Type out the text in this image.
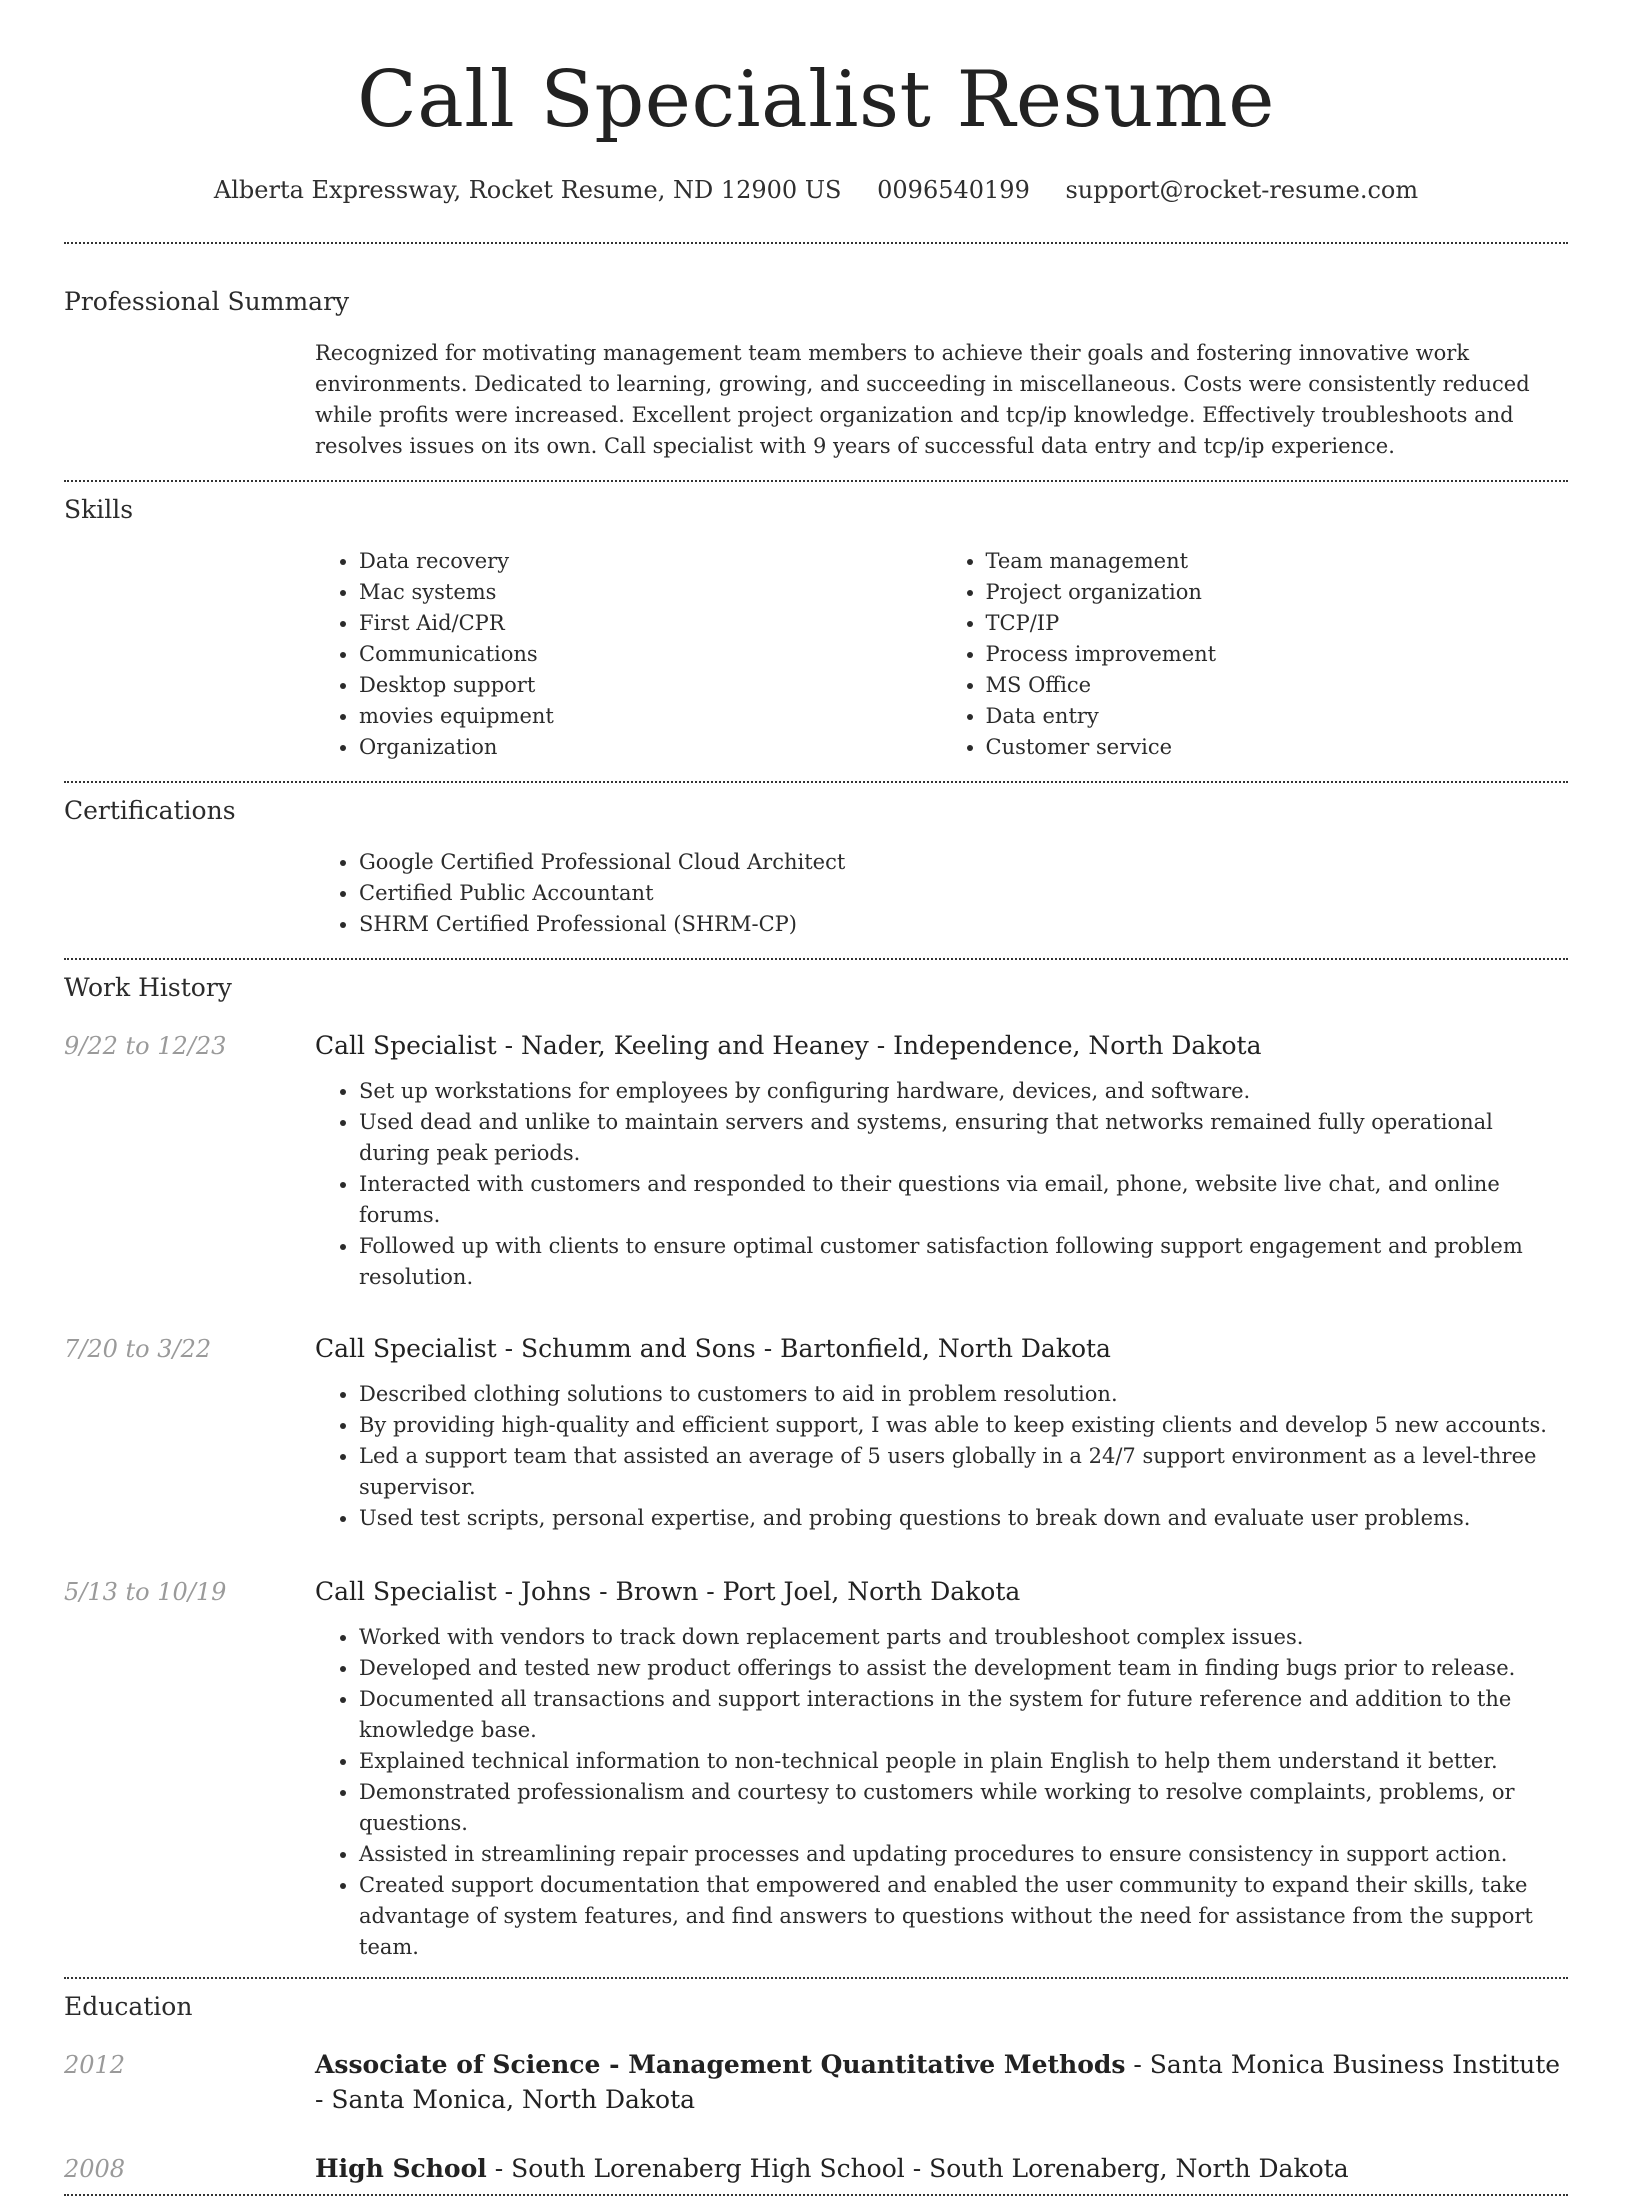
Call Specialist Resume
Alberta Expressway, Rocket Resume, ND 12900 US 0096540199 support@rocket-resume.com
Professional Summary

Recognized for motivating management team members to achieve their goals and fostering innovative work environments. Dedicated to learning, growing, and succeeding in miscellaneous. Costs were consistently reduced while profits were increased. Excellent project organization and tcp/ip knowledge. Effectively troubleshoots and resolves issues on its own. Call specialist with 9 years of successful data entry and tcp/ip experience.

Skills
• Data recovery
• Mac systems
• First Aid/CPR
• Communications
• Desktop support
• movies equipment
• Organization
• Team management
• Project organization
• TCP/IP
• Process improvement
• MS Office
• Data entry
• Customer service
Certifications
• Google Certified Professional Cloud Architect
• Certified Public Accountant
• SHRM Certified Professional (SHRM-CP)
Work History
9/22 to 12/23	Call Specialist - Nader, Keeling and Heaney - Independence, North Dakota
• Set up workstations for employees by configuring hardware, devices, and software.
• Used dead and unlike to maintain servers and systems, ensuring that networks remained fully operational during peak periods.
• Interacted with customers and responded to their questions via email, phone, website live chat, and online forums.
• Followed up with clients to ensure optimal customer satisfaction following support engagement and problem resolution.
7/20 to 3/22	Call Specialist - Schumm and Sons - Bartonfield, North Dakota
• Described clothing solutions to customers to aid in problem resolution.
• By providing high-quality and efficient support, I was able to keep existing clients and develop 5 new accounts.
• Led a support team that assisted an average of 5 users globally in a 24/7 support environment as a level-three supervisor.
• Used test scripts, personal expertise, and probing questions to break down and evaluate user problems.
5/13 to 10/19	Call Specialist - Johns - Brown - Port Joel, North Dakota
• Worked with vendors to track down replacement parts and troubleshoot complex issues.
• Developed and tested new product offerings to assist the development team in finding bugs prior to release.
• Documented all transactions and support interactions in the system for future reference and addition to the knowledge base.
• Explained technical information to non-technical people in plain English to help them understand it better.
• Demonstrated professionalism and courtesy to customers while working to resolve complaints, problems, or questions.
• Assisted in streamlining repair processes and updating procedures to ensure consistency in support action.
• Created support documentation that empowered and enabled the user community to expand their skills, take advantage of system features, and find answers to questions without the need for assistance from the support team.
Education
2012	Associate of Science - Management Quantitative Methods - Santa Monica Business Institute - Santa Monica, North Dakota
2008	High School - South Lorenaberg High School - South Lorenaberg, North Dakota
